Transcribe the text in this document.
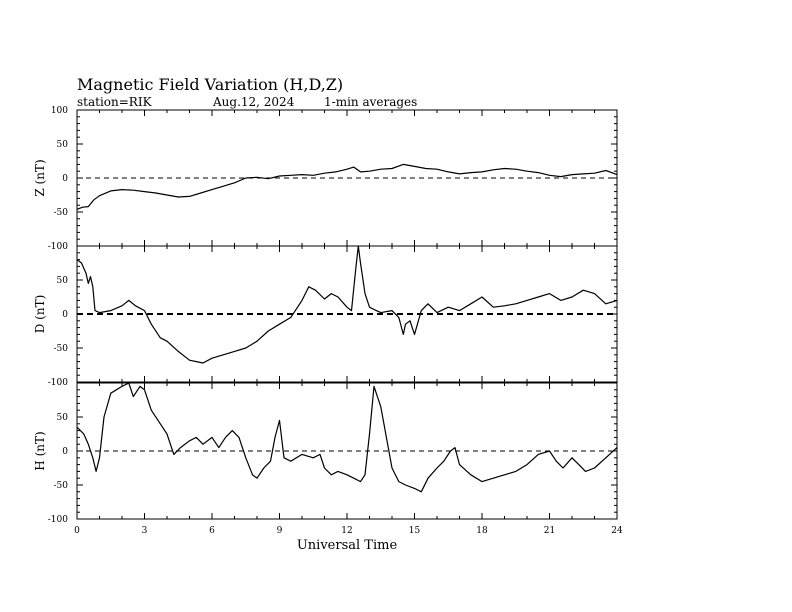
Magnetic Field Variation (H,D,Z)
station=RIK	Aug.12, 2024 1-min averages
100
50
0
-50
-100
Z (nT)
50
0
-50
-100
D (nT)
50
0
-50
-100
H (nT)
0	3	6	9	12	15	18	21	24
Universal Time
